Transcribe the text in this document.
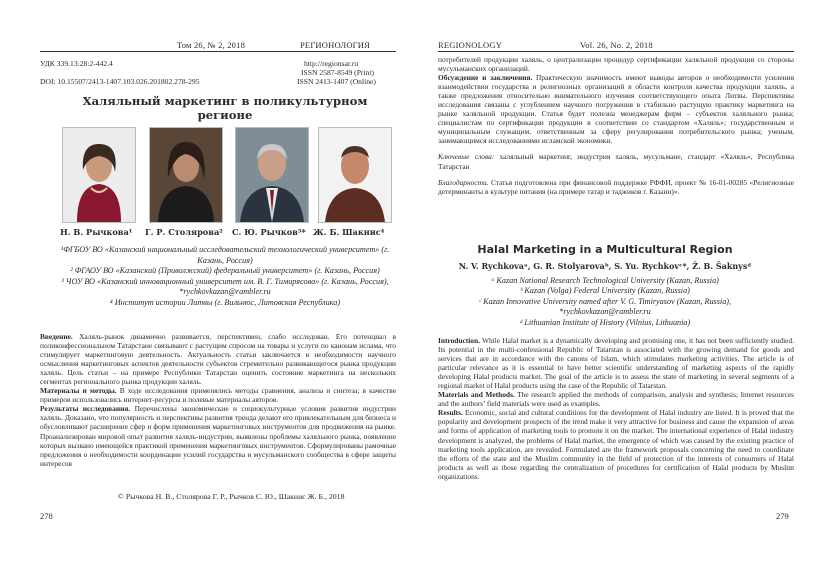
Том 26, № 2, 2018	РЕГИОНОЛОГИЯ
УДК 339.13:28:2-442.4
DOI: 10.15507/2413-1407.103.026.201802.278-295
http://regionsar.ru
ISSN 2587-8549 (Print)
ISSN 2413-1407 (Online)
Халяльный маркетинг в поликультурном регионе
Н. В. Рычкова¹ Г. Р. Столярова² С. Ю. Рычков³* Ж. Б. Шакнис⁴
¹ФГБОУ ВО «Казанский национальный исследовательский технологический университет» (г. Казань, Россия)
² ФГАОУ ВО «Казанский (Приволжский) федеральный университет» (г. Казань, Россия)
³ ЧОУ ВО «Казанский инновационный университет им. В. Г. Тимирясова» (г. Казань, Россия),
*rychkovkazan@rambler.ru
⁴ Институт истории Литвы (г. Вильнюс, Литовская Республика)

Введение. Халяль-рынок динамично развивается, перспективен, слабо исследован. Его потенциал в поликонфессиональном Татарстане связывают с растущим спросом на товары и услуги по канонам ислама, что стимулирует маркетинговую деятельность. Актуальность статьи заключается в необходимости научного осмысления маркетинговых аспектов деятельности субъектов стремительно развивающегося рынка продукции халяль. Цель статьи – на примере Республики Татарстан оценить состояние маркетинга на нескольких сегментах регионального рынка продукции халяль.

Материалы и методы. В ходе исследования применялись методы сравнения, анализа и синтеза; в качестве примеров использовались интернет-ресурсы и полевые материалы авторов.

Результаты исследования. Перечислены экономические и социокультурные условия развития индустрии халяль. Доказано, что популярность и перспективы развития тренда делают его привлекательным для бизнеса и обусловливают расширение сфер и форм применения маркетинговых инструментов для продвижения на рынке. Проанализирован мировой опыт развития халяль-индустрии, выявлены проблемы халяльного рынка, появление которых вызвано имеющейся практикой применения маркетинговых инструментов. Сформулированы рамочные предложения о необходимости координации усилий государства и мусульманского сообщества в сфере защиты интересов

© Рычкова Н. В., Столярова Г. Р., Рычков С. Ю., Шакнис Ж. Б., 2018
278
REGIONOLOGY	Vol. 26, No. 2, 2018

потребителей продукции халяль, о централизации процедур сертификации халяльной продукции со стороны мусульманских организаций.

Обсуждение и заключения. Практическую значимость имеют выводы авторов о необходимости усиления взаимодействия государства и религиозных организаций в области контроля качества продукции халяль, а также предложения относительно внимательного изучения соответствующего опыта Литвы. Перспективы исследования связаны с углублением научного погружения в стабильно растущую практику маркетинга на рынке халяльной продукции. Статья будет полезна менеджерам фирм – субъектов халяльного рынка; специалистам по сертификации продукции в соответствии со стандартом «Халяль»; государственным и муниципальным служащим, ответственным за сферу регулирования потребительского рынка; ученым, занимающимся исследованиями исламской экономики.

Ключевые слова: халяльный маркетинг, индустрия халяль, мусульмане, стандарт «Халяль», Республика Татарстан

Благодарности. Статья подготовлена при финансовой поддержке РФФИ, проект № 16-01-00285 «Религиозные детерминанты в культуре питания (на примере татар и таджиков г. Казани)».

Halal Marketing in a Multicultural Region
N. V. Rychkovaᵃ, G. R. Stolyarovaᵇ, S. Yu. Rychkovᶜ*, Ž. B. Šaknysᵈ
ᵃ Kazan National Research Technological University (Kazan, Russia)
ᵇ Kazan (Volga) Federal University (Kazan, Russia)
ᶜ Kazan Innovative University named after V. G. Timiryasov (Kazan, Russia),
*rychkovkazan@rambler.ru
ᵈ Lithuanian Institute of History (Vilnius, Lithuania)

Introduction. While Halal market is a dynamically developing and promising one, it has not been sufficiently studied. Its potential in the multi-confessional Republic of Tatarstan is associated with the growing demand for goods and services that are in accordance with the canons of Islam, which stimulates marketing activities. The article is of particular relevance as it is essential to have better scientific understanding of marketing aspects of the rapidly developing Halal products market. The goal of the article is to assess the state of marketing in several segments of a regional market of Halal products using the case of the Republic of Tatarstan.

Materials and Methods. The research applied the methods of comparison, analysis and synthesis; Internet resources and the authors’ field materials were used as examples.

Results. Economic, social and cultural conditions for the development of Halal industry are listed. It is proved that the popularity and development prospects of the trend make it very attractive for business and cause the expansion of areas and forms of application of marketing tools to promote it on the market. The international experience of Halal industry development is analyzed, the problems of Halal market, the emergence of which was caused by the existing practice of marketing tools application, are revealed. Formulated are the framework proposals concerning the need to coordinate the efforts of the state and the Muslim community in the field of protection of the interests of consumers of Halal products as well as those regarding the centralization of procedures for certification of Halal products by Muslim organizations.

279
